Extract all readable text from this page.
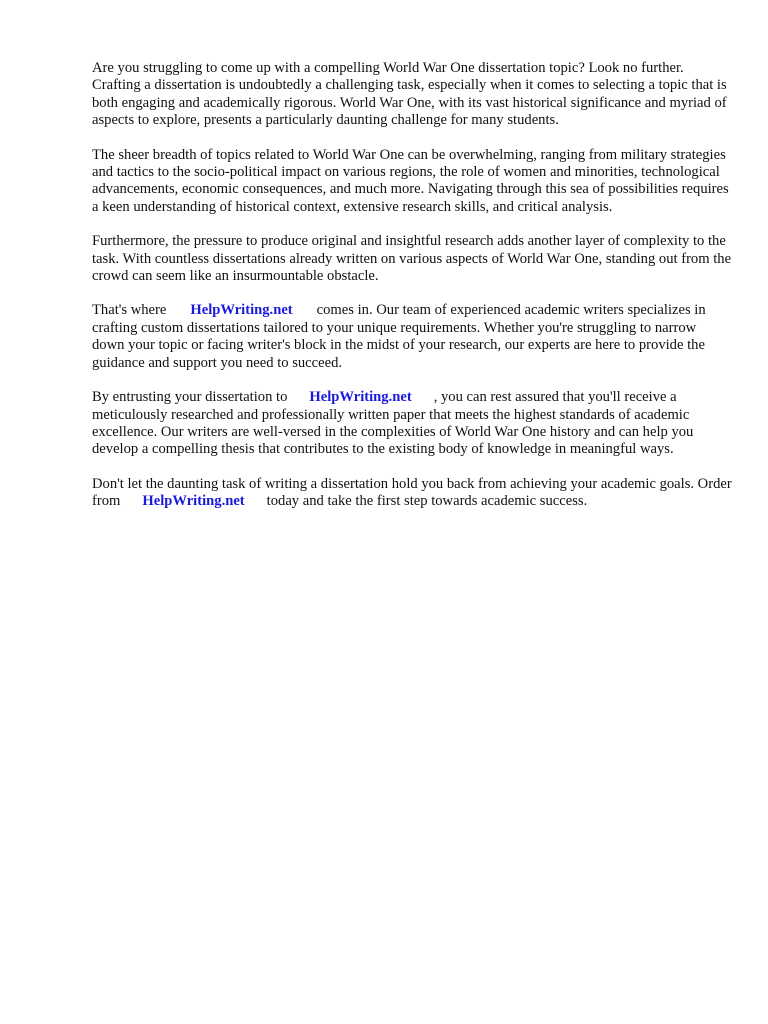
Are you struggling to come up with a compelling World War One dissertation topic? Look no further. Crafting a dissertation is undoubtedly a challenging task, especially when it comes to selecting a topic that is both engaging and academically rigorous. World War One, with its vast historical significance and myriad of aspects to explore, presents a particularly daunting challenge for many students.

The sheer breadth of topics related to World War One can be overwhelming, ranging from military strategies and tactics to the socio-political impact on various regions, the role of women and minorities, technological advancements, economic consequences, and much more. Navigating through this sea of possibilities requires a keen understanding of historical context, extensive research skills, and critical analysis.

Furthermore, the pressure to produce original and insightful research adds another layer of complexity to the task. With countless dissertations already written on various aspects of World War One, standing out from the crowd can seem like an insurmountable obstacle.

That's where HelpWriting.net comes in. Our team of experienced academic writers specializes in crafting custom dissertations tailored to your unique requirements. Whether you're struggling to narrow down your topic or facing writer's block in the midst of your research, our experts are here to provide the guidance and support you need to succeed.

By entrusting your dissertation to HelpWriting.net , you can rest assured that you'll receive a meticulously researched and professionally written paper that meets the highest standards of academic excellence. Our writers are well-versed in the complexities of World War One history and can help you develop a compelling thesis that contributes to the existing body of knowledge in meaningful ways.

Don't let the daunting task of writing a dissertation hold you back from achieving your academic goals. Order from HelpWriting.net today and take the first step towards academic success.
